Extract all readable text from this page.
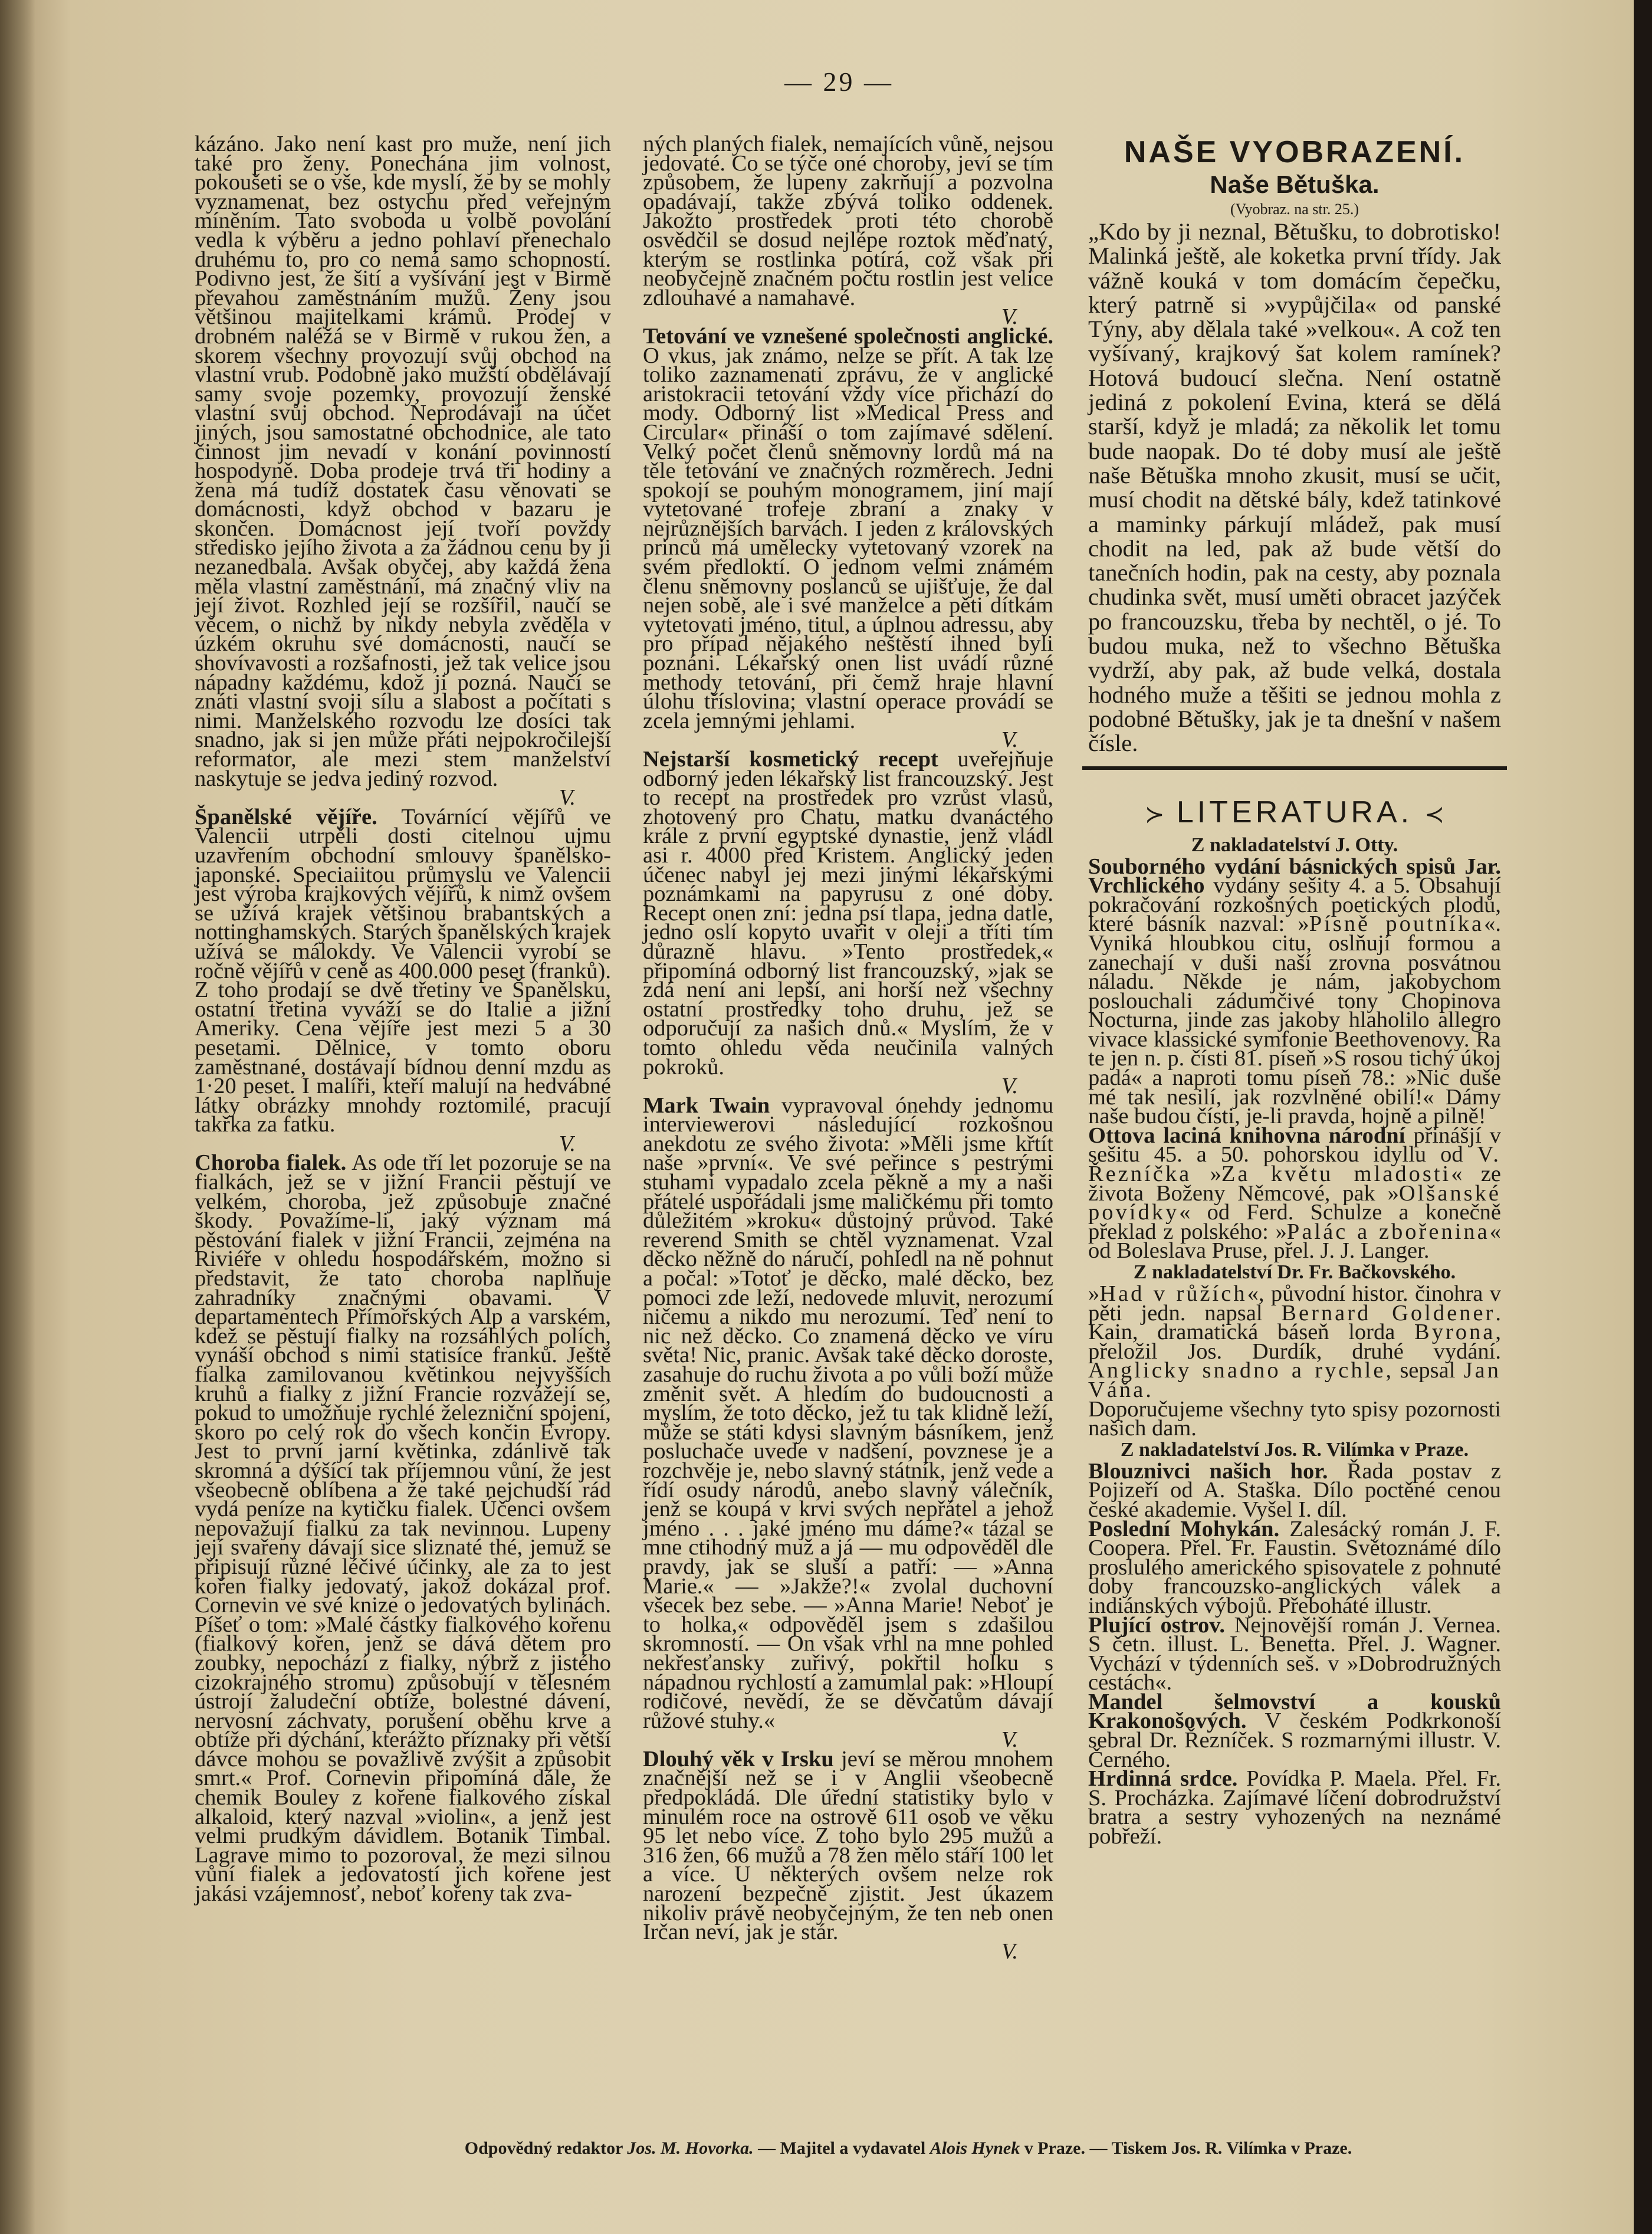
— 29 —

kázáno. Jako není kast pro muže, není jich také pro ženy. Ponechána jim volnost, pokoušeti se o vše, kde myslí, že by se mohly vyznamenat, bez ostychu před veřejným míněním. Tato svoboda u volbě povolání vedla k výběru a jedno pohlaví přenechalo druhému to, pro co nemá samo schopností. Podivno jest, že šití a vyšívání jest v Birmě převahou zaměstnáním mužů. Ženy jsou většinou majitelkami krámů. Prodej v drobném naléžá se v Birmě v rukou žen, a skorem všechny provozují svůj obchod na vlastní vrub. Podobně jako mužští obdělávají samy svoje pozemky, provozují ženské vlastní svůj obchod. Neprodávají na účet jiných, jsou samostatné obchodnice, ale tato činnost jim nevadí v konání povinností hospodyně. Doba prodeje trvá tři hodiny a žena má tudíž dostatek času věnovati se domácnosti, když obchod v bazaru je skončen. Domácnost její tvoří povždy středisko jejího života a za žádnou cenu by ji nezanedbala. Avšak obyčej, aby každá žena měla vlastní zaměstnání, má značný vliv na její život. Rozhled její se rozšířil, naučí se věcem, o nichž by nikdy nebyla zvěděla v úzkém okruhu své domácnosti, naučí se shovívavosti a rozšafnosti, jež tak velice jsou nápadny každému, kdož ji pozná. Naučí se znáti vlastní svoji sílu a slabost a počítati s nimi. Manželského rozvodu lze dosíci tak snadno, jak si jen může přáti nejpokročilejší reformator, ale mezi stem manželství naskytuje se jedva jediný rozvod.
V.

Španělské vějíře. Továrnící vějířů ve Valencii utrpěli dosti citelnou ujmu uzavřením obchodní smlouvy španělsko-japonské. Speciaiitou průmyslu ve Valencii jest výroba krajkových vějířů, k nimž ovšem se užívá krajek většinou brabantských a nottinghamských. Starých španělských krajek užívá se málokdy. Ve Valencii vyrobí se ročně vějířů v ceně as 400.000 peset (franků). Z toho prodají se dvě třetiny ve Španělsku, ostatní třetina vyváží se do Italie a jižní Ameriky. Cena vějíře jest mezi 5 a 30 pesetami. Dělnice, v tomto oboru zaměstnané, dostávají bídnou denní mzdu as 1·20 peset. I malíři, kteří malují na hedvábné látky obrázky mnohdy roztomilé, pracují takřka za fatku.
V.

Choroba fialek. As ode tří let pozoruje se na fialkách, jež se v jižní Francii pěstují ve velkém, choroba, jež způsobuje značné škody. Považíme-li, jaký význam má pěstování fialek v jižní Francii, zejména na Riviéře v ohledu hospodářském, možno si představit, že tato choroba naplňuje zahradníky značnými obavami. V departamentech Přímořských Alp a varském, kdež se pěstují fialky na rozsáhlých polích, vynáší obchod s nimi statisíce franků. Ještě fialka zamilovanou květinkou nejvyšších kruhů a fialky z jižní Francie rozvážejí se, pokud to umožňuje rychlé železniční spojení, skoro po celý rok do všech končin Evropy. Jest to první jarní květinka, zdánlivě tak skromná a dýšící tak příjemnou vůní, že jest všeobecně oblíbena a že také nejchudší rád vydá peníze na kytičku fialek. Účenci ovšem nepovažují fialku za tak nevinnou. Lupeny její svařeny dávají sice sliznaté thé, jemuž se připisují různé léčivé účinky, ale za to jest kořen fialky jedovatý, jakož dokázal prof. Cornevin ve své knize o jedovatých bylinách. Píšeť o tom: »Malé částky fialkového kořenu (fialkový kořen, jenž se dává dětem pro zoubky, nepochází z fialky, nýbrž z jistého cizokrajného stromu) způsobují v tělesném ústrojí žaludeční obtíže, bolestné dávení, nervosní záchvaty, porušení oběhu krve a obtíže při dýchání, kterážto příznaky při větší dávce mohou se považlivě zvýšit a způsobit smrt.« Prof. Cornevin připomíná dále, že chemik Bouley z kořene fialkového získal alkaloid, který nazval »violin«, a jenž jest velmi prudkým dávidlem. Botanik Timbal. Lagrave mimo to pozoroval, že mezi silnou vůní fialek a jedovatostí jich kořene jest jakási vzájemnosť, neboť kořeny tak zva-

ných planých fialek, nemajících vůně, nejsou jedovaté. Co se týče oné choroby, jeví se tím způsobem, že lupeny zakrňují a pozvolna opadávají, takže zbývá toliko oddenek. Jakožto prostředek proti této chorobě osvědčil se dosud nejlépe roztok měďnatý, kterým se rostlinka potírá, což však při neobyčejně značném počtu rostlin jest velice zdlouhavé a namahavé.
V.

Tetování ve vznešené společnosti anglické. O vkus, jak známo, nelze se přít. A tak lze toliko zaznamenati zprávu, že v anglické aristokracii tetování vždy více přichází do mody. Odborný list »Medical Press and Circular« přináší o tom zajímavé sdělení. Velký počet členů sněmovny lordů má na těle tetování ve značných rozměrech. Jedni spokojí se pouhým monogramem, jiní mají vytetované trofeje zbraní a znaky v nejrůznějších barvách. I jeden z královských princů má umělecky vytetovaný vzorek na svém předloktí. O jednom velmi známém členu sněmovny poslanců se ujišťuje, že dal nejen sobě, ale i své manželce a pěti dítkám vytetovati jméno, titul, a úplnou adressu, aby pro případ nějakého neštěstí ihned byli poznáni. Lékařský onen list uvádí různé methody tetování, při čemž hraje hlavní úlohu tříslovina; vlastní operace provádí se zcela jemnými jehlami.
V.

Nejstarší kosmetický recept uveřejňuje odborný jeden lékařský list francouzský. Jest to recept na prostředek pro vzrůst vlasů, zhotovený pro Chatu, matku dvanáctého krále z první egyptské dynastie, jenž vládl asi r. 4000 před Kristem. Anglický jeden účenec nabyl jej mezi jinými lékařskými poznámkami na papyrusu z oné doby. Recept onen zní: jedna psí tlapa, jedna datle, jedno oslí kopyto uvařit v oleji a tříti tím důrazně hlavu. »Tento prostředek,« připomíná odborný list francouzský, »jak se zdá není ani lepší, ani horší než všechny ostatní prostředky toho druhu, jež se odporučují za našich dnů.« Myslím, že v tomto ohledu věda neučinila valných pokroků.
V.

Mark Twain vypravoval ónehdy jednomu interviewerovi následující rozkošnou anekdotu ze svého života: »Měli jsme křtít naše »první«. Ve své peřince s pestrými stuhami vypadalo zcela pěkně a my a naši přátelé uspořádali jsme maličkému při tomto důležitém »kroku« důstojný průvod. Také reverend Smith se chtěl vyznamenat. Vzal děcko něžně do náručí, pohledl na ně pohnut a počal: »Totoť je děcko, malé děcko, bez pomoci zde leží, nedovede mluvit, nerozumí ničemu a nikdo mu nerozumí. Teď není to nic než děcko. Co znamená děcko ve víru světa! Nic, pranic. Avšak také děcko doroste, zasahuje do ruchu života a po vůli boží může změnit svět. A hledím do budoucnosti a myslím, že toto děcko, jež tu tak klidně leží, může se státi kdysi slavným básníkem, jenž posluchače uvede v nadšení, povznese je a rozchvěje je, nebo slavný státník, jenž vede a řídí osudy národů, anebo slavný válečník, jenž se koupá v krvi svých nepřátel a jehož jméno . . . jaké jméno mu dáme?« tázal se mne ctihodný muž a já — mu odpověděl dle pravdy, jak se sluší a patří: — »Anna Marie.« — »Jakže?!« zvolal duchovní všecek bez sebe. — »Anna Marie! Neboť je to holka,« odpověděl jsem s zdašilou skromností. — On však vrhl na mne pohled nekřesťansky zuřivý, pokřtil holku s nápadnou rychlostí a zamumlal pak: »Hloupí rodičové, nevědí, že se děvčatům dávají růžové stuhy.«
V.

Dlouhý věk v Irsku jeví se měrou mnohem značnější než se i v Anglii všeobecně předpokládá. Dle úřední statistiky bylo v minulém roce na ostrově 611 osob ve věku 95 let nebo více. Z toho bylo 295 mužů a 316 žen, 66 mužů a 78 žen mělo stáří 100 let a více. U některých ovšem nelze rok narození bezpečně zjistit. Jest úkazem nikoliv právě neobyčejným, že ten neb onen Irčan neví, jak je stár.
V.

NAŠE VYOBRAZENÍ.

Naše Bětuška.

(Vyobraz. na str. 25.)

„Kdo by ji neznal, Bětušku, to dobrotisko! Malinká ještě, ale koketka první třídy. Jak vážně kouká v tom domácím čepečku, který patrně si »vypůjčila« od panské Týny, aby dělala také »velkou«. A což ten vyšívaný, krajkový šat kolem ramínek? Hotová budoucí slečna. Není ostatně jediná z pokolení Evina, která se dělá starší, když je mladá; za několik let tomu bude naopak. Do té doby musí ale ještě naše Bětuška mnoho zkusit, musí se učit, musí chodit na dětské bály, kdež tatinkové a maminky párkují mládež, pak musí chodit na led, pak až bude větší do tanečních hodin, pak na cesty, aby poznala chudinka svět, musí uměti obracet jazýček po francouzsku, třeba by nechtěl, o jé. To budou muka, než to všechno Bětuška vydrží, aby pak, až bude velká, dostala hodného muže a těšiti se jednou mohla z podobné Bětušky, jak je ta dnešní v našem čísle.

≻ LITERATURA. ≺

Z nakladatelství J. Otty.

Souborného vydání básnických spisů Jar. Vrchlického vydány sešity 4. a 5. Obsahují pokračování rozkošných poetických plodů, které básník nazval: »Písně poutníka«. Vyniká hloubkou citu, oslňují formou a zanechají v duši naší zrovna posvátnou náladu. Někde je nám, jakobychom poslouchali zádumčivé tony Chopinova Nocturna, jinde zas jakoby hlaholilo allegro vivace klassické symfonie Beethovenovy. Ra te jen n. p. čísti 81. píseň »S rosou tichý úkoj padá« a naproti tomu píseň 78.: »Nic duše mé tak nesilí, jak rozvlněné obilí!« Dámy naše budou čísti, je-li pravda, hojně a pilně!

Ottova laciná knihovna národní přinášjí v sešitu 45. a 50. pohorskou idyllu od V. Řezníčka »Za květu mladosti« ze života Boženy Němcové, pak »Olšanské povídky« od Ferd. Schulze a konečně překlad z polského: »Palác a zbořenina« od Boleslava Pruse, přel. J. J. Langer.

Z nakladatelství Dr. Fr. Bačkovského.

»Had v růžích«, původní histor. činohra v pěti jedn. napsal Bernard Goldener. Kain, dramatická báseň lorda Byrona, přeložil Jos. Durdík, druhé vydání. Anglicky snadno a rychle, sepsal Jan Váňa.

Doporučujeme všechny tyto spisy pozornosti našich dam.

Z nakladatelství Jos. R. Vilímka v Praze.

Blouznivci našich hor. Řada postav z Pojizeří od A. Staška. Dílo poctěné cenou české akademie. Vyšel I. díl.

Poslední Mohykán. Zalesácký román J. F. Coopera. Přel. Fr. Faustin. Světoznámé dílo proslulého amerického spisovatele z pohnuté doby francouzsko-anglických válek a indiánských výbojů. Přeboháté illustr.

Plující ostrov. Nejnovější román J. Vernea. S četn. illust. L. Benetta. Přel. J. Wagner. Vychází v týdenních seš. v »Dobrodružných cestách«.

Mandel šelmovství a kousků Krakonošových. V českém Podkrkonoší sebral Dr. Řezníček. S rozmarnými illustr. V. Černého.

Hrdinná srdce. Povídka P. Maela. Přel. Fr. S. Procházka. Zajímavé líčení dobrodružství bratra a sestry vyhozených na neznámé pobřeží.

Odpovědný redaktor Jos. M. Hovorka. — Majitel a vydavatel Alois Hynek v Praze. — Tiskem Jos. R. Vilímka v Praze.
